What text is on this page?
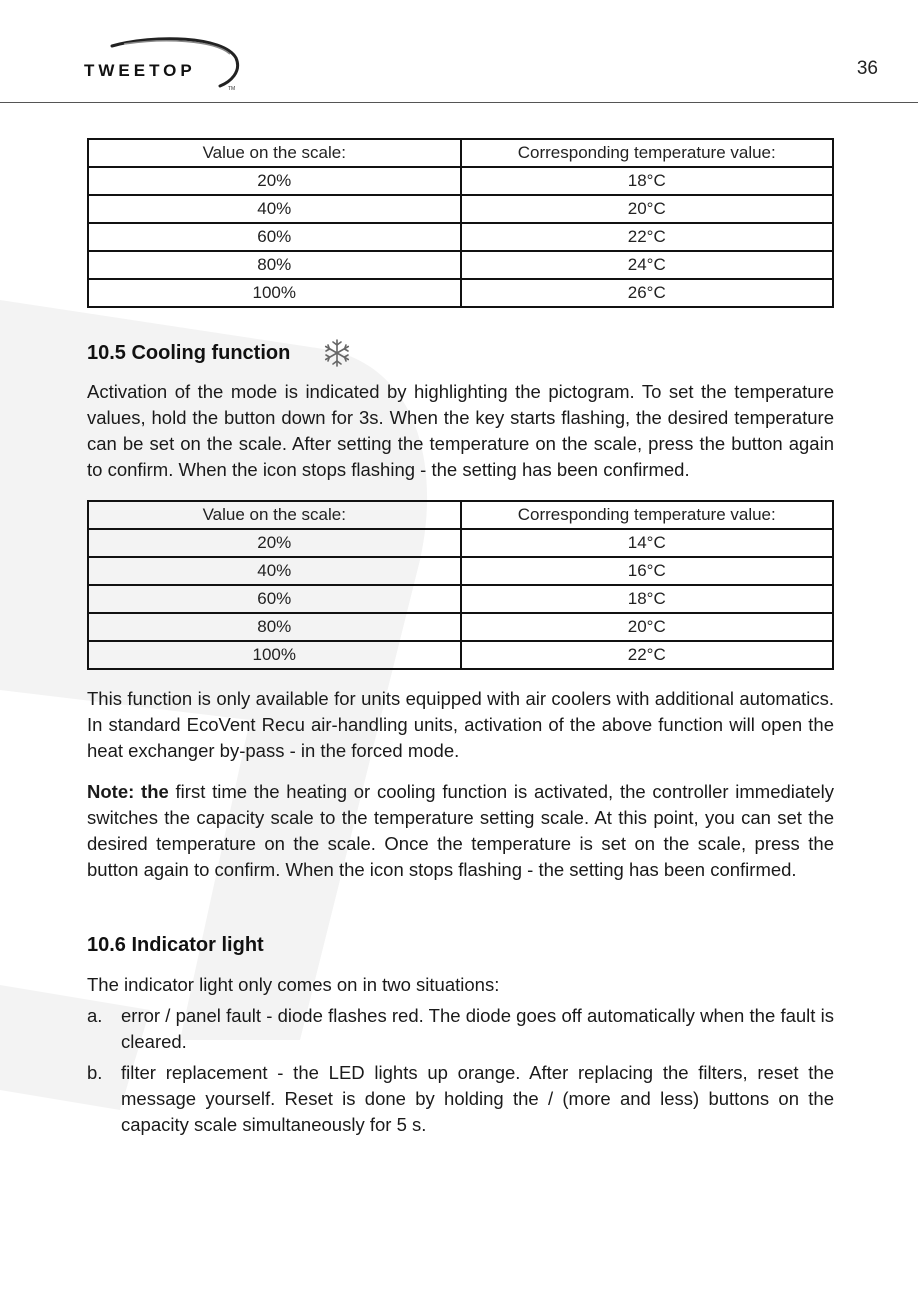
TWEETOP
TM
36
Value on the scale:	Corresponding temperature value:
20%	18°C
40%	20°C
60%	22°C
80%	24°C
100%	26°C
10.5 Cooling function

Activation of the mode is indicated by highlighting the pictogram. To set the temperature values, hold the button down for 3s. When the key starts flashing, the desired temperature can be set on the scale. After setting the temperature on the scale, press the button again to confirm. When the icon stops flashing - the setting has been confirmed.

Value on the scale:	Corresponding temperature value:
20%	14°C
40%	16°C
60%	18°C
80%	20°C
100%	22°C

This function is only available for units equipped with air coolers with additional automatics. In standard EcoVent Recu air-handling units, activation of the above function will open the heat exchanger by-pass - in the forced mode.

Note: the first time the heating or cooling function is activated, the controller immediately switches the capacity scale to the temperature setting scale. At this point, you can set the desired temperature on the scale. Once the temperature is set on the scale, press the button again to confirm. When the icon stops flashing - the setting has been confirmed.

10.6 Indicator light

The indicator light only comes on in two situations:

a.	error / panel fault - diode flashes red. The diode goes off automatically when the fault is cleared.
b.	filter replacement - the LED lights up orange. After replacing the filters, reset the message yourself. Reset is done by holding the / (more and less) buttons on the capacity scale simultaneously for 5 s.
